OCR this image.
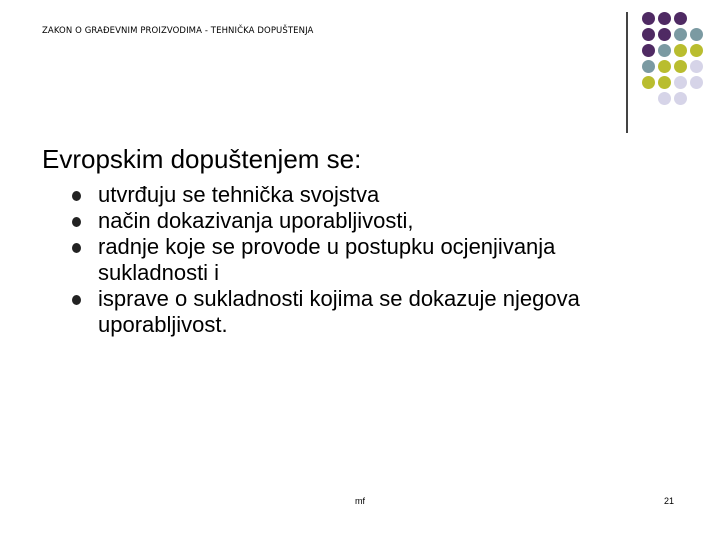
ZAKON O GRAĐEVNIM PROIZVODIMA - TEHNIČKA DOPUŠTENJA
Evropskim dopuštenjem se:
utvrđuju se tehnička svojstva
način dokazivanja uporabljivosti,
radnje koje se provode u postupku ocjenjivanja
sukladnosti i
isprave o sukladnosti kojima se dokazuje njegova
uporabljivost.
mf	21
